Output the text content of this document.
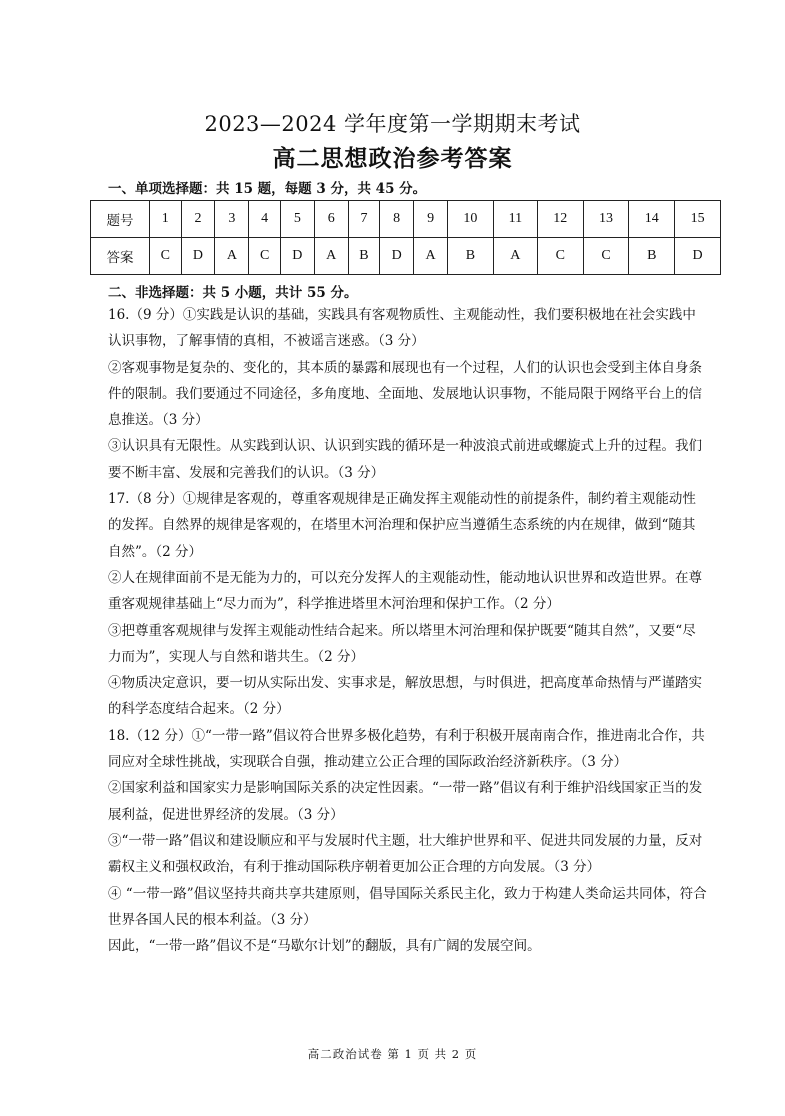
2023—2024 学年度第一学期期末考试
高二思想政治参考答案
一、单项选择题：共 15 题，每题 3 分，共 45 分。
题号	1	2	3	4	5	6	7	8	9	10	11	12	13	14	15
答案	C	D	A	C	D	A	B	D	A	B	A	C	C	B	D
二、非选择题：共 5 小题，共计 55 分。

16.（9 分）①实践是认识的基础，实践具有客观物质性、主观能动性，我们要积极地在社会实践中认识事物，了解事情的真相，不被谣言迷惑。（3 分）

②客观事物是复杂的、变化的，其本质的暴露和展现也有一个过程，人们的认识也会受到主体自身条件的限制。我们要通过不同途径，多角度地、全面地、发展地认识事物，不能局限于网络平台上的信息推送。（3 分）

③认识具有无限性。从实践到认识、认识到实践的循环是一种波浪式前进或螺旋式上升的过程。我们要不断丰富、发展和完善我们的认识。（3 分）

17.（8 分）①规律是客观的，尊重客观规律是正确发挥主观能动性的前提条件，制约着主观能动性的发挥。自然界的规律是客观的，在塔里木河治理和保护应当遵循生态系统的内在规律，做到“随其自然”。（2 分）

②人在规律面前不是无能为力的，可以充分发挥人的主观能动性，能动地认识世界和改造世界。在尊重客观规律基础上“尽力而为”，科学推进塔里木河治理和保护工作。（2 分）

③把尊重客观规律与发挥主观能动性结合起来。所以塔里木河治理和保护既要“随其自然”，又要“尽力而为”，实现人与自然和谐共生。（2 分）

④物质决定意识，要一切从实际出发、实事求是，解放思想，与时俱进，把高度革命热情与严谨踏实的科学态度结合起来。（2 分）

18.（12 分）①“一带一路”倡议符合世界多极化趋势，有利于积极开展南南合作，推进南北合作，共同应对全球性挑战，实现联合自强，推动建立公正合理的国际政治经济新秩序。（3 分）

②国家利益和国家实力是影响国际关系的决定性因素。“一带一路”倡议有利于维护沿线国家正当的发展利益，促进世界经济的发展。（3 分）

③“一带一路”倡议和建设顺应和平与发展时代主题，壮大维护世界和平、促进共同发展的力量，反对霸权主义和强权政治，有利于推动国际秩序朝着更加公正合理的方向发展。（3 分）

④ “一带一路”倡议坚持共商共享共建原则，倡导国际关系民主化，致力于构建人类命运共同体，符合世界各国人民的根本利益。（3 分）

因此，“一带一路”倡议不是“马歇尔计划”的翻版，具有广阔的发展空间。

高二政治试卷 第 1 页 共 2 页
